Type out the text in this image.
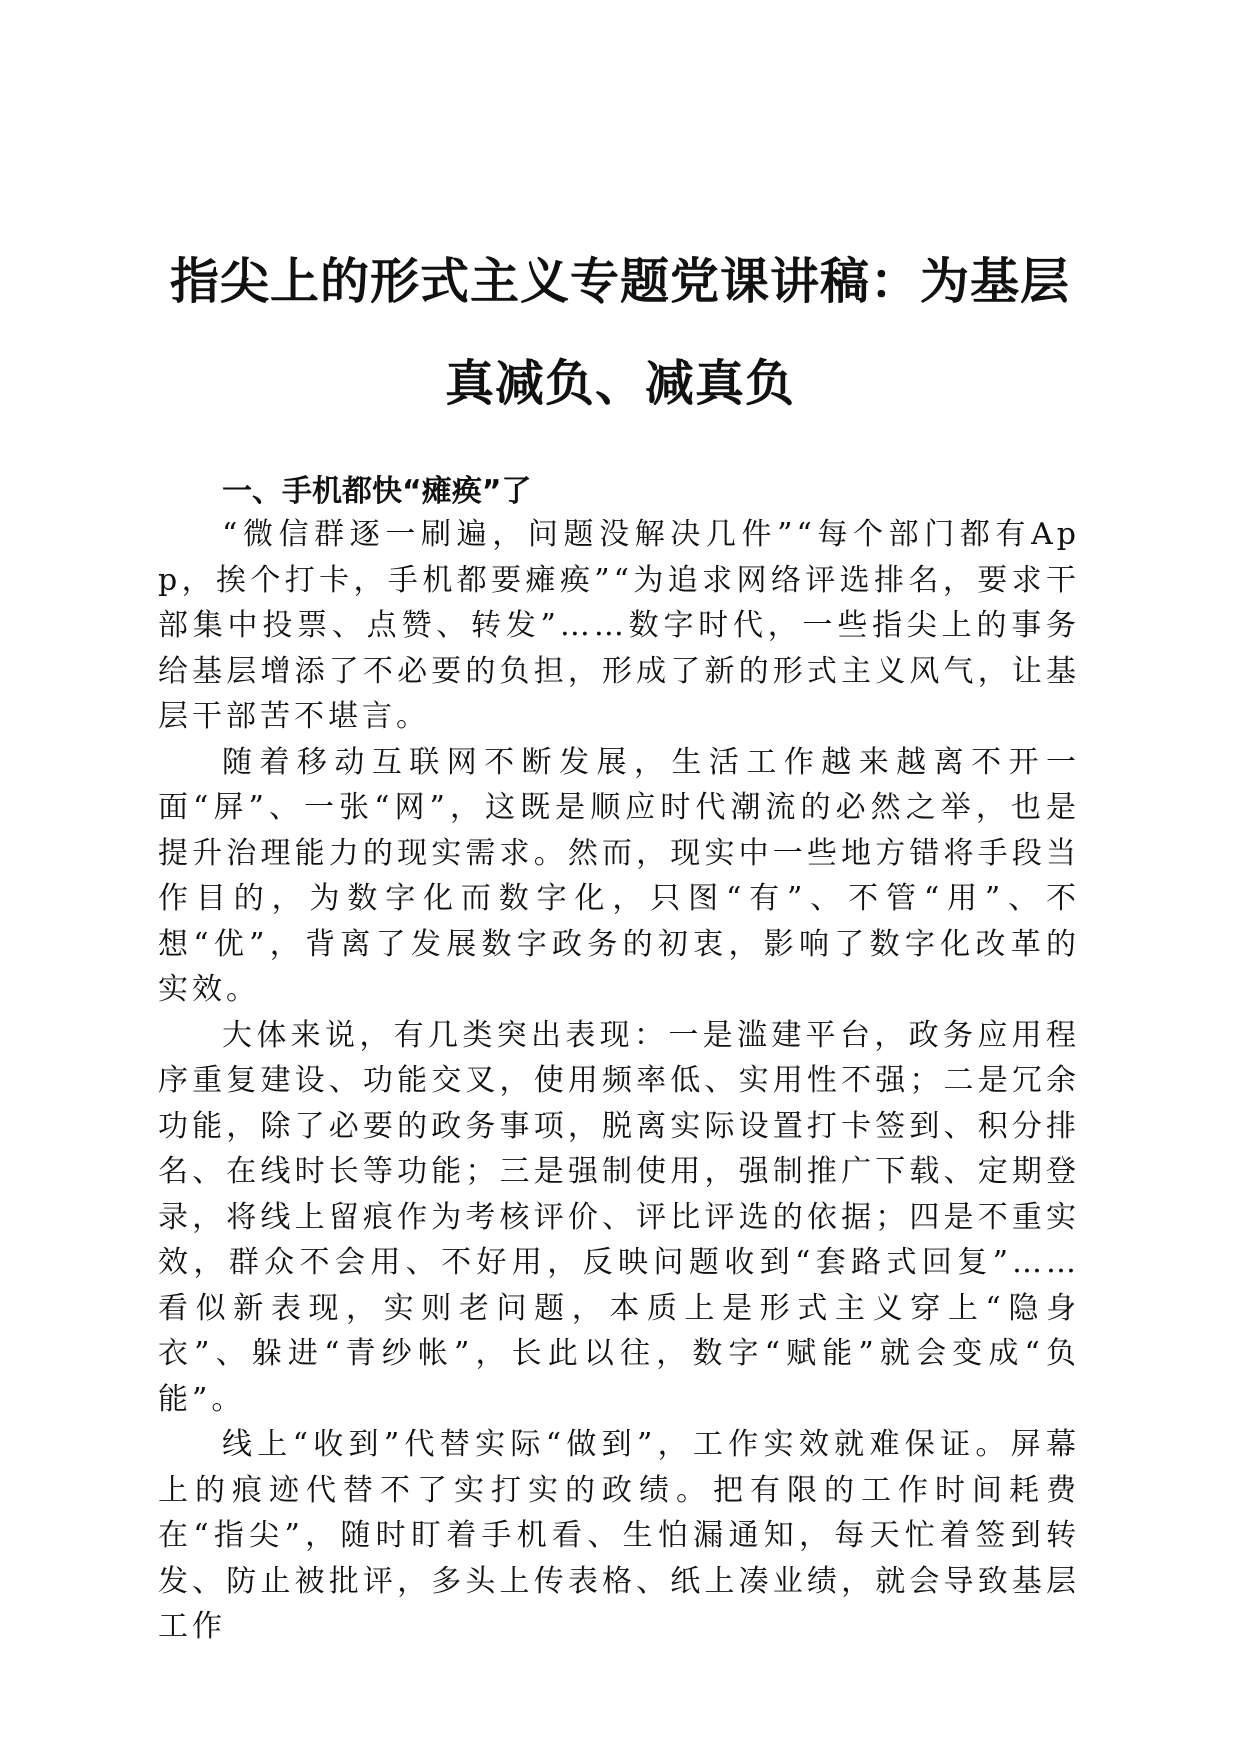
指尖上的形式主义专题党课讲稿：为基层真减负、减真负
一、手机都快“瘫痪”了

“微信群逐一刷遍，问题没解决几件”“每个部门都有App，挨个打卡，手机都要瘫痪”“为追求网络评选排名，要求干部集中投票、点赞、转发”……数字时代，一些指尖上的事务给基层增添了不必要的负担，形成了新的形式主义风气，让基层干部苦不堪言。

随着移动互联网不断发展，生活工作越来越离不开一面“屏”、一张“网”，这既是顺应时代潮流的必然之举，也是提升治理能力的现实需求。然而，现实中一些地方错将手段当作目的，为数字化而数字化，只图“有”、不管“用”、不想“优”，背离了发展数字政务的初衷，影响了数字化改革的实效。

大体来说，有几类突出表现：一是滥建平台，政务应用程序重复建设、功能交叉，使用频率低、实用性不强；二是冗余功能，除了必要的政务事项，脱离实际设置打卡签到、积分排名、在线时长等功能；三是强制使用，强制推广下载、定期登录，将线上留痕作为考核评价、评比评选的依据；四是不重实效，群众不会用、不好用，反映问题收到“套路式回复”……看似新表现，实则老问题，本质上是形式主义穿上“隐身衣”、躲进“青纱帐”，长此以往，数字“赋能”就会变成“负能”。

线上“收到”代替实际“做到”，工作实效就难保证。屏幕上的痕迹代替不了实打实的政绩。把有限的工作时间耗费在“指尖”，随时盯着手机看、生怕漏通知，每天忙着签到转发、防止被批评，多头上传表格、纸上凑业绩，就会导致基层工作
